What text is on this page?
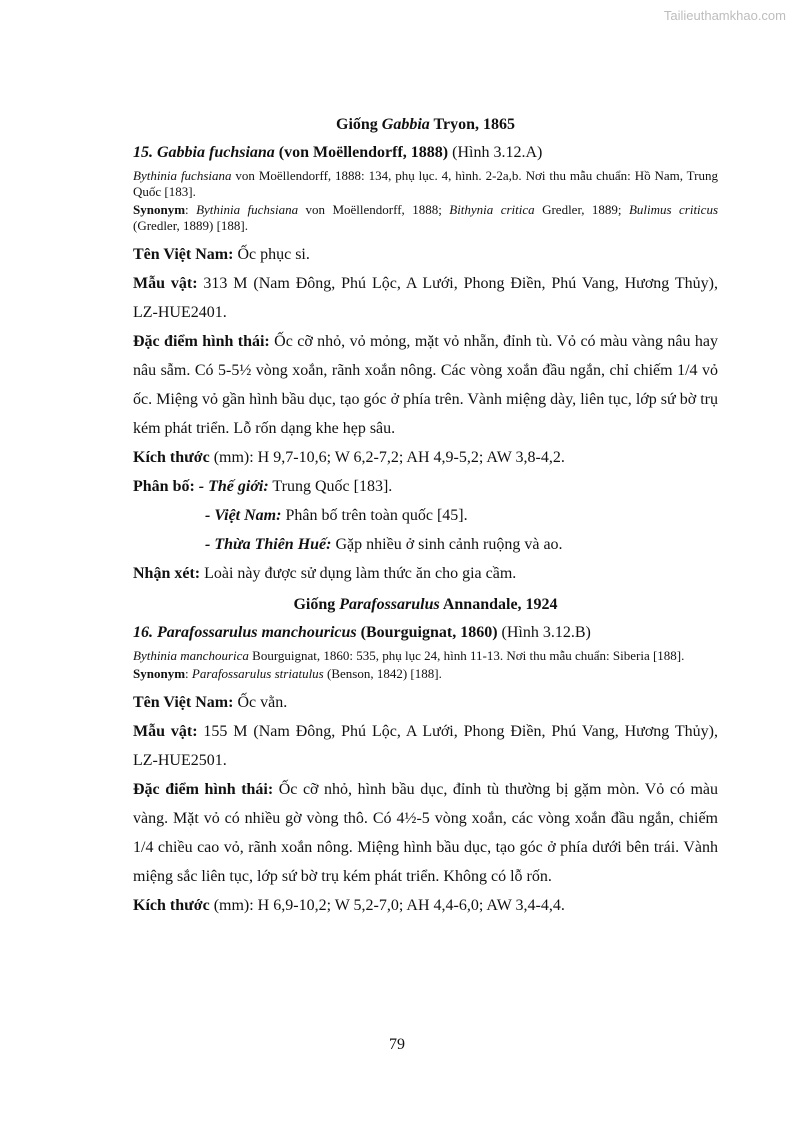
Tailieuthamkhao.com
Giống Gabbia Tryon, 1865
15. Gabbia fuchsiana (von Moëllendorff, 1888) (Hình 3.12.A)

Bythinia fuchsiana von Moëllendorff, 1888: 134, phụ lục. 4, hình. 2-2a,b. Nơi thu mẫu chuẩn: Hồ Nam, Trung Quốc [183].

Synonym: Bythinia fuchsiana von Moëllendorff, 1888; Bithynia critica Gredler, 1889; Bulimus criticus (Gredler, 1889) [188].

Tên Việt Nam: Ốc phục si.

Mẫu vật: 313 M (Nam Đông, Phú Lộc, A Lưới, Phong Điền, Phú Vang, Hương Thủy), LZ-HUE2401.

Đặc điểm hình thái: Ốc cỡ nhỏ, vỏ mỏng, mặt vỏ nhẵn, đỉnh tù. Vỏ có màu vàng nâu hay nâu sẫm. Có 5-5½ vòng xoắn, rãnh xoắn nông. Các vòng xoắn đầu ngắn, chỉ chiếm 1/4 vỏ ốc. Miệng vỏ gần hình bầu dục, tạo góc ở phía trên. Vành miệng dày, liên tục, lớp sứ bờ trụ kém phát triển. Lỗ rốn dạng khe hẹp sâu.

Kích thước (mm): H 9,7-10,6; W 6,2-7,2; AH 4,9-5,2; AW 3,8-4,2.

Phân bố: - Thế giới: Trung Quốc [183].

- Việt Nam: Phân bố trên toàn quốc [45].

- Thừa Thiên Huế: Gặp nhiều ở sinh cảnh ruộng và ao.

Nhận xét: Loài này được sử dụng làm thức ăn cho gia cầm.

Giống Parafossarulus Annandale, 1924
16. Parafossarulus manchouricus (Bourguignat, 1860) (Hình 3.12.B)

Bythinia manchourica Bourguignat, 1860: 535, phụ lục 24, hình 11-13. Nơi thu mẫu chuẩn: Siberia [188].

Synonym: Parafossarulus striatulus (Benson, 1842) [188].

Tên Việt Nam: Ốc vằn.

Mẫu vật: 155 M (Nam Đông, Phú Lộc, A Lưới, Phong Điền, Phú Vang, Hương Thủy), LZ-HUE2501.

Đặc điểm hình thái: Ốc cỡ nhỏ, hình bầu dục, đỉnh tù thường bị gặm mòn. Vỏ có màu vàng. Mặt vỏ có nhiều gờ vòng thô. Có 4½-5 vòng xoắn, các vòng xoắn đầu ngắn, chiếm 1/4 chiều cao vỏ, rãnh xoắn nông. Miệng hình bầu dục, tạo góc ở phía dưới bên trái. Vành miệng sắc liên tục, lớp sứ bờ trụ kém phát triển. Không có lỗ rốn.

Kích thước (mm): H 6,9-10,2; W 5,2-7,0; AH 4,4-6,0; AW 3,4-4,4.

79
